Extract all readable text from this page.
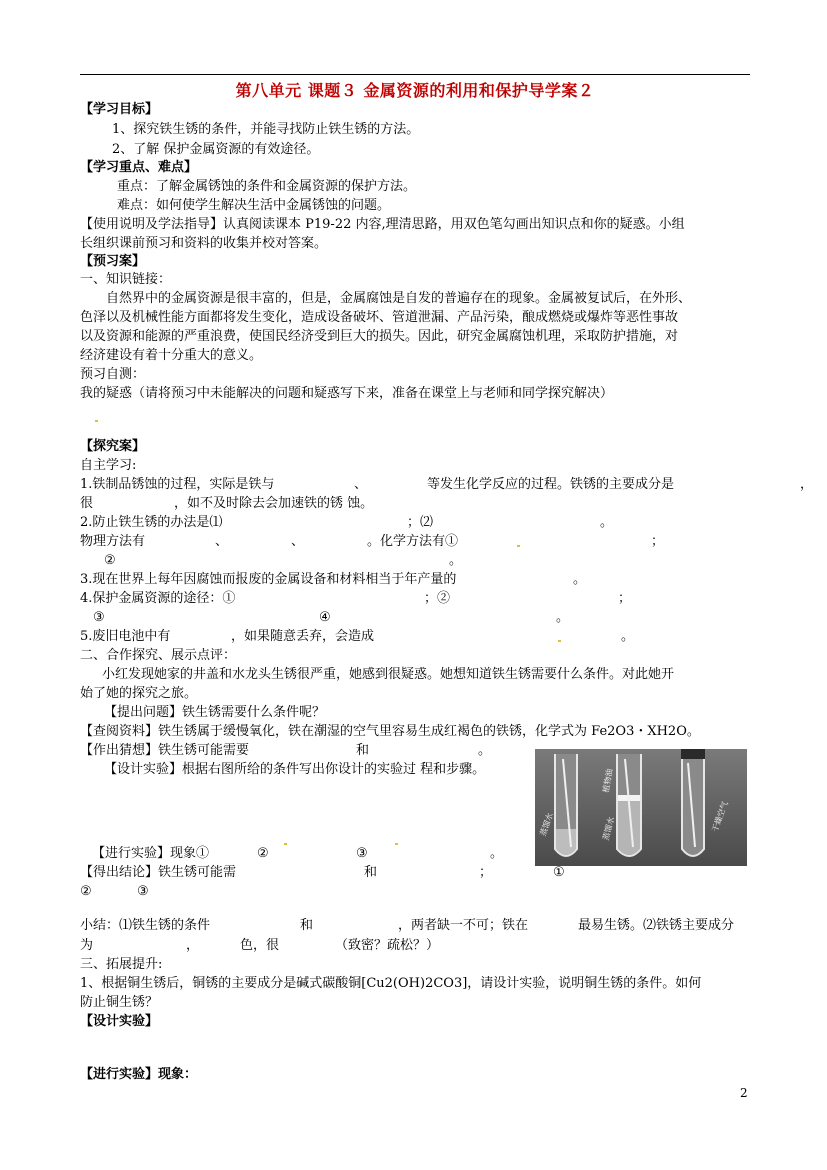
第八单元 课题３ 金属资源的利用和保护导学案２
【学习目标】
1、探究铁生锈的条件，并能寻找防止铁生锈的方法。
2、了解 保护金属资源的有效途径。
【学习重点、难点】
重点：了解金属锈蚀的条件和金属资源的保护方法。
难点：如何使学生解决生活中金属锈蚀的问题。
【使用说明及学法指导】认真阅读课本 P19-22 内容,理清思路，用双色笔勾画出知识点和你的疑惑。小组
长组织课前预习和资料的收集并校对答案。
【预习案】
一、知识链接：
自然界中的金属资源是很丰富的，但是，金属腐蚀是自发的普遍存在的现象。金属被复试后，在外形、
色泽以及机械性能方面都将发生变化，造成设备破坏、管道泄漏、产品污染，酿成燃烧或爆炸等恶性事故
以及资源和能源的严重浪费，使国民经济受到巨大的损失。因此，研究金属腐蚀机理，采取防护措施，对
经济建设有着十分重大的意义。
预习自测：
我的疑惑（请将预习中未能解决的问题和疑惑写下来，准备在课堂上与老师和同学探究解决）
【探究案】
自主学习:
1.铁制品锈蚀的过程，实际是铁与	、	等发生化学反应的过程。铁锈的主要成分是	，
很	，如不及时除去会加速铁的锈 蚀。
2.防止铁生锈的办法是⑴	；⑵	。
物理方法有	、	、	。化学方法有①	；
②	。
3.现在世界上每年因腐蚀而报废的金属设备和材料相当于年产量的	。
4.保护金属资源的途径：①	；②	；
③	④	。
5.废旧电池中有	，如果随意丢弃，会造成	。
二、合作探究、展示点评：
小红发现她家的井盖和水龙头生锈很严重，她感到很疑惑。她想知道铁生锈需要什么条件。对此她开
始了她的探究之旅。
【提出问题】铁生锈需要什么条件呢？
【查阅资料】铁生锈属于缓慢氧化，铁在潮湿的空气里容易生成红褐色的铁锈，化学式为 Fe2O3・XH2O。
【作出猜想】铁生锈可能需要	和	。
【设计实验】根据右图所给的条件写出你设计的实验过 程和步骤。
蒸馏水
植物油
蒸馏水	干燥空气
【进行实验】现象①	②	③	。
【得出结论】铁生锈可能需	和	；	①
②	③
小结：⑴铁生锈的条件	和	，两者缺一不可；铁在	最易生锈。⑵铁锈主要成分
为	，	色，很	（致密？疏松？）
三、拓展提升:
1、根据铜生锈后，铜锈的主要成分是碱式碳酸铜[Cu2(OH)2CO3]，请设计实验，说明铜生锈的条件。如何
防止铜生锈？
【设计实验】
【进行实验】现象：
2
